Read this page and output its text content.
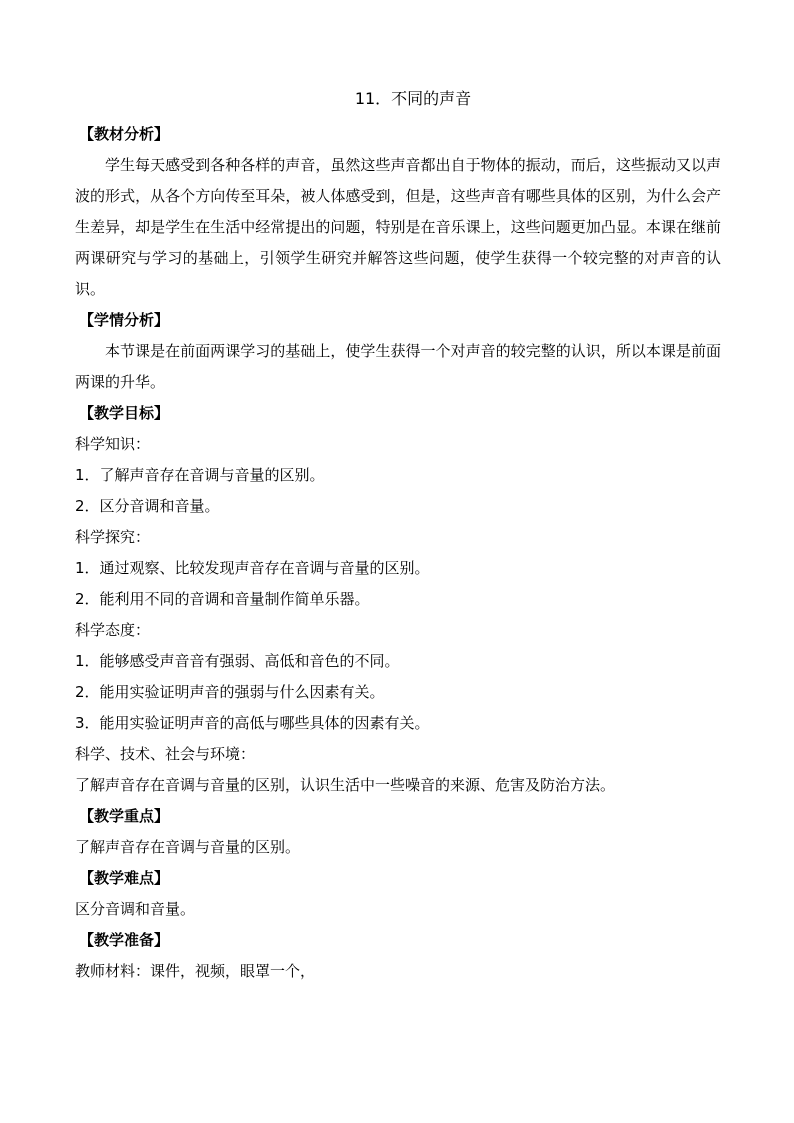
11．不同的声音
【教材分析】

学生每天感受到各种各样的声音，虽然这些声音都出自于物体的振动，而后，这些振动又以声波的形式，从各个方向传至耳朵，被人体感受到，但是，这些声音有哪些具体的区别，为什么会产生差异，却是学生在生活中经常提出的问题，特别是在音乐课上，这些问题更加凸显。本课在继前两课研究与学习的基础上，引领学生研究并解答这些问题，使学生获得一个较完整的对声音的认识。

【学情分析】

本节课是在前面两课学习的基础上，使学生获得一个对声音的较完整的认识，所以本课是前面两课的升华。

【教学目标】
科学知识：
1．了解声音存在音调与音量的区别。
2．区分音调和音量。
科学探究：
1．通过观察、比较发现声音存在音调与音量的区别。
2．能利用不同的音调和音量制作简单乐器。
科学态度：
1．能够感受声音音有强弱、高低和音色的不同。
2．能用实验证明声音的强弱与什么因素有关。
3．能用实验证明声音的高低与哪些具体的因素有关。
科学、技术、社会与环境：
了解声音存在音调与音量的区别，认识生活中一些噪音的来源、危害及防治方法。
【教学重点】
了解声音存在音调与音量的区别。
【教学难点】
区分音调和音量。
【教学准备】
教师材料：课件，视频，眼罩一个，
